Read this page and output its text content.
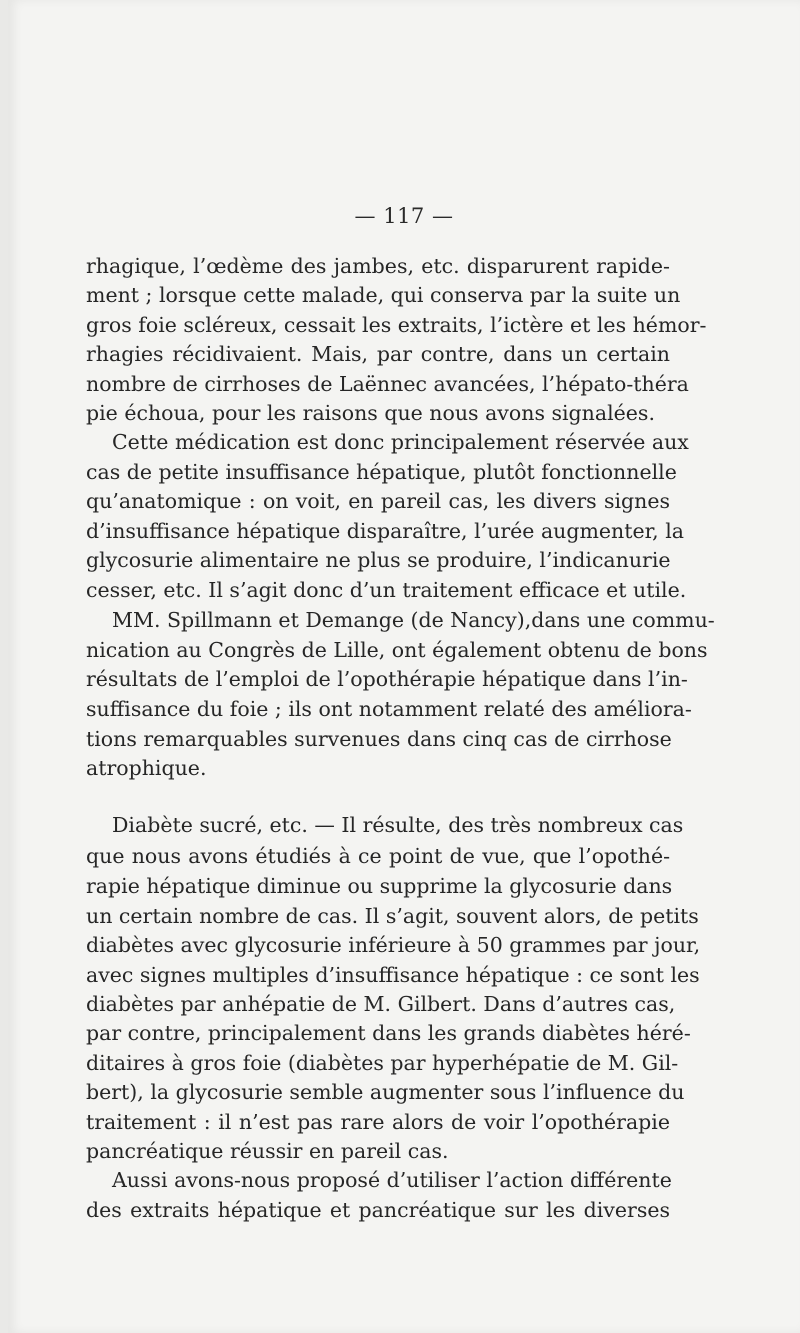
— 117 —
rhagique, l’œdème des jambes, etc. disparurent rapide-
ment ; lorsque cette malade, qui conserva par la suite un
gros foie scléreux, cessait les extraits, l’ictère et les hémor-
rhagies récidivaient. Mais, par contre, dans un certain
nombre de cirrhoses de Laënnec avancées, l’hépato-théra
pie échoua, pour les raisons que nous avons signalées.
Cette médication est donc principalement réservée aux
cas de petite insuffisance hépatique, plutôt fonctionnelle
qu’anatomique : on voit, en pareil cas, les divers signes
d’insuffisance hépatique disparaître, l’urée augmenter, la
glycosurie alimentaire ne plus se produire, l’indicanurie
cesser, etc. Il s’agit donc d’un traitement efficace et utile.
MM. Spillmann et Demange (de Nancy),dans une commu-
nication au Congrès de Lille, ont également obtenu de bons
résultats de l’emploi de l’opothérapie hépatique dans l’in-
suffisance du foie ; ils ont notamment relaté des améliora-
tions remarquables survenues dans cinq cas de cirrhose
atrophique.
Diabète sucré, etc. — Il résulte, des très nombreux cas
que nous avons étudiés à ce point de vue, que l’opothé-
rapie hépatique diminue ou supprime la glycosurie dans
un certain nombre de cas. Il s’agit, souvent alors, de petits
diabètes avec glycosurie inférieure à 50 grammes par jour,
avec signes multiples d’insuffisance hépatique : ce sont les
diabètes par anhépatie de M. Gilbert. Dans d’autres cas,
par contre, principalement dans les grands diabètes héré-
ditaires à gros foie (diabètes par hyperhépatie de M. Gil-
bert), la glycosurie semble augmenter sous l’influence du
traitement : il n’est pas rare alors de voir l’opothérapie
pancréatique réussir en pareil cas.
Aussi avons-nous proposé d’utiliser l’action différente
des extraits hépatique et pancréatique sur les diverses
